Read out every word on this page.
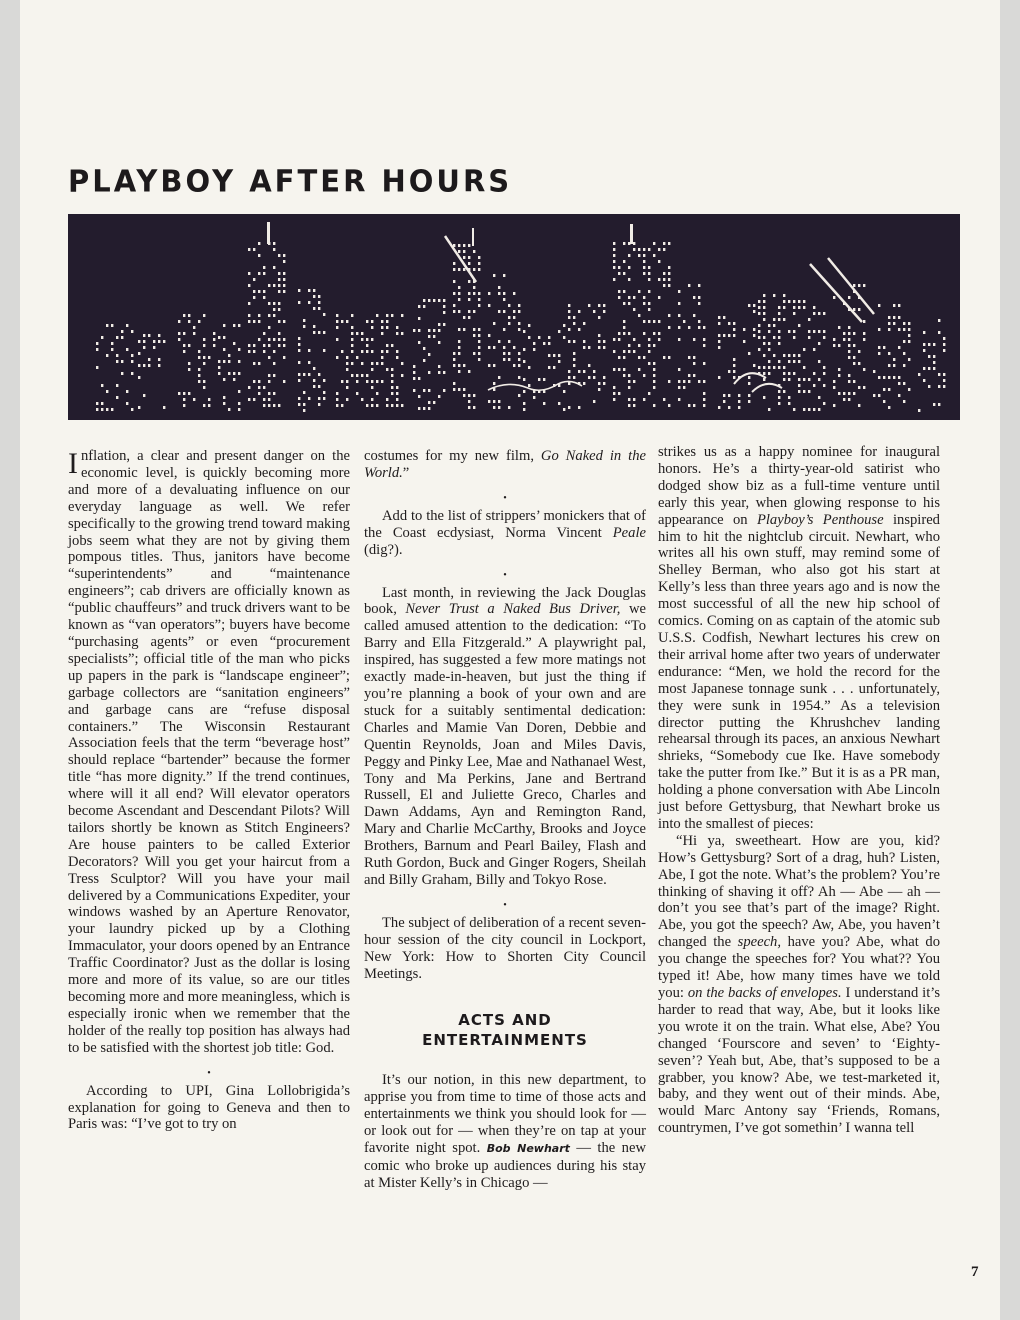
PLAYBOY AFTER HOURS

Inflation, a clear and present danger on the economic level, is quickly becoming more and more of a devaluating influence on our everyday language as well. We refer specifically to the growing trend toward making jobs seem what they are not by giving them pompous titles. Thus, janitors have become “superintendents” and “maintenance engineers”; cab drivers are officially known as “public chauffeurs” and truck drivers want to be known as “van operators”; buyers have become “purchasing agents” or even “procurement specialists”; official title of the man who picks up papers in the park is “landscape engineer”; garbage collectors are “sanitation engineers” and garbage cans are “refuse disposal containers.” The Wisconsin Restaurant Association feels that the term “beverage host” should replace “bartender” because the former title “has more dignity.” If the trend continues, where will it all end? Will elevator operators become Ascendant and Descendant Pilots? Will tailors shortly be known as Stitch Engineers? Are house painters to be called Exterior Decorators? Will you get your haircut from a Tress Sculptor? Will you have your mail delivered by a Communications Expediter, your windows washed by an Aperture Renovator, your laundry picked up by a Clothing Immaculator, your doors opened by an Entrance Traffic Coordinator? Just as the dollar is losing more and more of its value, so are our titles becoming more and more meaningless, which is especially ironic when we remember that the holder of the really top position has always had to be satisfied with the shortest job title: God.

•

According to UPI, Gina Lollobrigida’s explanation for going to Geneva and then to Paris was: “I’ve got to try on

costumes for my new film, Go Naked in the World.”

•

Add to the list of strippers’ monickers that of the Coast ecdysiast, Norma Vincent Peale (dig?).

•

Last month, in reviewing the Jack Douglas book, Never Trust a Naked Bus Driver, we called amused attention to the dedication: “To Barry and Ella Fitzgerald.” A playwright pal, inspired, has suggested a few more matings not exactly made-in-heaven, but just the thing if you’re planning a book of your own and are stuck for a suitably sentimental dedication: Charles and Mamie Van Doren, Debbie and Quentin Reynolds, Joan and Miles Davis, Peggy and Pinky Lee, Mae and Nathanael West, Tony and Ma Perkins, Jane and Bertrand Russell, El and Juliette Greco, Charles and Dawn Addams, Ayn and Remington Rand, Mary and Charlie McCarthy, Brooks and Joyce Brothers, Barnum and Pearl Bailey, Flash and Ruth Gordon, Buck and Ginger Rogers, Sheilah and Billy Graham, Billy and Tokyo Rose.

•

The subject of deliberation of a recent seven-hour session of the city council in Lockport, New York: How to Shorten City Council Meetings.

ACTS AND
ENTERTAINMENTS

It’s our notion, in this new department, to apprise you from time to time of those acts and entertainments we think you should look for — or look out for — when they’re on tap at your favorite night spot. Bob Newhart — the new comic who broke up audiences during his stay at Mister Kelly’s in Chicago —

strikes us as a happy nominee for inaugural honors. He’s a thirty-year-old satirist who dodged show biz as a full-time venture until early this year, when glowing response to his appearance on Playboy’s Penthouse inspired him to hit the nightclub circuit. Newhart, who writes all his own stuff, may remind some of Shelley Berman, who also got his start at Kelly’s less than three years ago and is now the most successful of all the new hip school of comics. Coming on as captain of the atomic sub U.S.S. Codfish, Newhart lectures his crew on their arrival home after two years of underwater endurance: “Men, we hold the record for the most Japanese tonnage sunk . . . unfortunately, they were sunk in 1954.” As a television director putting the Khrushchev landing rehearsal through its paces, an anxious Newhart shrieks, “Somebody cue Ike. Have somebody take the putter from Ike.” But it is as a PR man, holding a phone conversation with Abe Lincoln just before Gettysburg, that Newhart broke us into the smallest of pieces:

“Hi ya, sweetheart. How are you, kid? How’s Gettysburg? Sort of a drag, huh? Listen, Abe, I got the note. What’s the problem? You’re thinking of shaving it off? Ah — Abe — ah — don’t you see that’s part of the image? Right. Abe, you got the speech? Aw, Abe, you haven’t changed the speech, have you? Abe, what do you change the speeches for? You what?? You typed it! Abe, how many times have we told you: on the backs of envelopes. I understand it’s harder to read that way, Abe, but it looks like you wrote it on the train. What else, Abe? You changed ‘Fourscore and seven’ to ‘Eighty-seven’? Yeah but, Abe, that’s supposed to be a grabber, you know? Abe, we test-marketed it, baby, and they went out of their minds. Abe, would Marc Antony say ‘Friends, Romans, countrymen, I’ve got somethin’ I wanna tell

7
